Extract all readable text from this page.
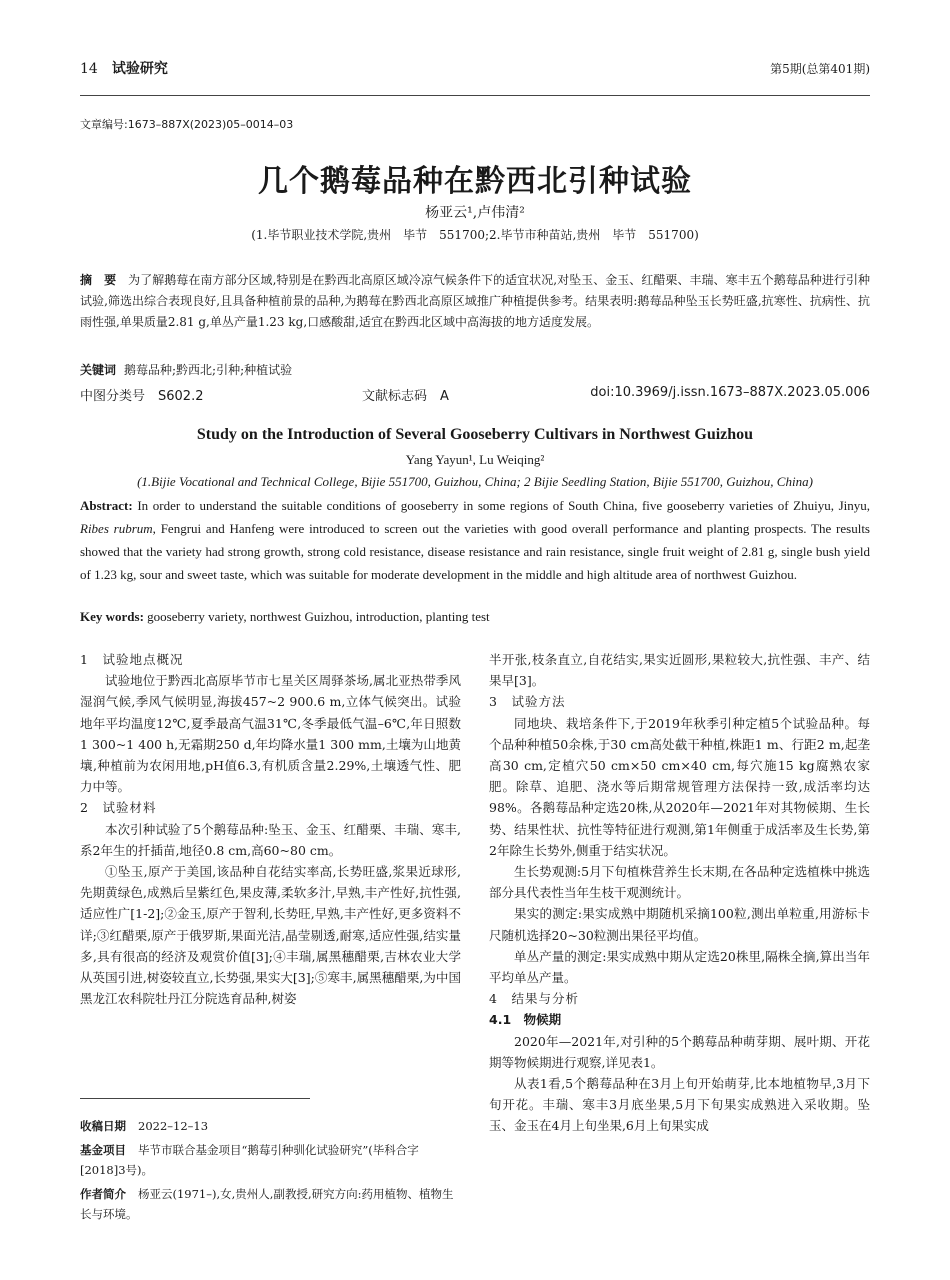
14 试验研究	第5期(总第401期)
文章编号:1673–887X(2023)05–0014–03
几个鹅莓品种在黔西北引种试验
杨亚云¹,卢伟清²
(1.毕节职业技术学院,贵州　毕节　551700;2.毕节市种苗站,贵州　毕节　551700)
摘　要　 为了解鹅莓在南方部分区域,特别是在黔西北高原区域冷凉气候条件下的适宜状况,对坠玉、金玉、红醋栗、丰瑞、寒丰五个鹅莓品种进行引种试验,筛选出综合表现良好,且具备种植前景的品种,为鹅莓在黔西北高原区域推广种植提供参考。结果表明:鹅莓品种坠玉长势旺盛,抗寒性、抗病性、抗雨性强,单果质量2.81 g,单丛产量1.23 kg,口感酸甜,适宜在黔西北区域中高海拔的地方适度发展。
关键词 鹅莓品种;黔西北;引种;种植试验
中图分类号　S602.2	文献标志码　A	doi:10.3969/j.issn.1673–887X.2023.05.006
Study on the Introduction of Several Gooseberry Cultivars in Northwest Guizhou
Yang Yayun¹, Lu Weiqing²
(1.Bijie Vocational and Technical College, Bijie 551700, Guizhou, China; 2 Bijie Seedling Station, Bijie 551700, Guizhou, China)
Abstract: In order to understand the suitable conditions of gooseberry in some regions of South China, five gooseberry varieties of Zhuiyu, Jinyu, Ribes rubrum, Fengrui and Hanfeng were introduced to screen out the varieties with good overall performance and planting prospects. The results showed that the variety had strong growth, strong cold resistance, disease resistance and rain resistance, single fruit weight of 2.81 g, single bush yield of 1.23 kg, sour and sweet taste, which was suitable for moderate development in the middle and high altitude area of northwest Guizhou.
Key words: gooseberry variety, northwest Guizhou, introduction, planting test

1　试验地点概况

试验地位于黔西北高原毕节市七星关区周驿茶场,属北亚热带季风湿润气候,季风气候明显,海拔457~2 900.6 m,立体气候突出。试验地年平均温度12℃,夏季最高气温31℃,冬季最低气温–6℃,年日照数1 300~1 400 h,无霜期250 d,年均降水量1 300 mm,土壤为山地黄壤,种植前为农闲用地,pH值6.3,有机质含量2.29%,土壤透气性、肥力中等。

2　试验材料

本次引种试验了5个鹅莓品种:坠玉、金玉、红醋栗、丰瑞、寒丰,系2年生的扦插苗,地径0.8 cm,高60~80 cm。

①坠玉,原产于美国,该品种自花结实率高,长势旺盛,浆果近球形,先期黄绿色,成熟后呈紫红色,果皮薄,柔软多汁,早熟,丰产性好,抗性强,适应性广[1-2];②金玉,原产于智利,长势旺,早熟,丰产性好,更多资料不详;③红醋栗,原产于俄罗斯,果面光洁,晶莹剔透,耐寒,适应性强,结实量多,具有很高的经济及观赏价值[3];④丰瑞,属黑穗醋栗,吉林农业大学从英国引进,树姿较直立,长势强,果实大[3];⑤寒丰,属黑穗醋栗,为中国黑龙江农科院牡丹江分院选育品种,树姿

半开张,枝条直立,自花结实,果实近圆形,果粒较大,抗性强、丰产、结果早[3]。

3　试验方法

同地块、栽培条件下,于2019年秋季引种定植5个试验品种。每个品种种植50余株,于30 cm高处截干种植,株距1 m、行距2 m,起垄高30 cm,定植穴50 cm×50 cm×40 cm,每穴施15 kg腐熟农家肥。除草、追肥、浇水等后期常规管理方法保持一致,成活率均达98%。各鹅莓品种定选20株,从2020年—2021年对其物候期、生长势、结果性状、抗性等特征进行观测,第1年侧重于成活率及生长势,第2年除生长势外,侧重于结实状况。

生长势观测:5月下旬植株营养生长末期,在各品种定选植株中挑选部分具代表性当年生枝干观测统计。

果实的测定:果实成熟中期随机采摘100粒,测出单粒重,用游标卡尺随机选择20~30粒测出果径平均值。

单丛产量的测定:果实成熟中期从定选20株里,隔株全摘,算出当年平均单丛产量。

4　结果与分析

4.1　物候期

2020年—2021年,对引种的5个鹅莓品种萌芽期、展叶期、开花期等物候期进行观察,详见表1。

从表1看,5个鹅莓品种在3月上旬开始萌芽,比本地植物早,3月下旬开花。丰瑞、寒丰3月底坐果,5月下旬果实成熟进入采收期。坠玉、金玉在4月上旬坐果,6月上旬果实成

收稿日期 2022–12–13

基金项目 毕节市联合基金项目“鹅莓引种驯化试验研究”(毕科合字[2018]3号)。

作者简介 杨亚云(1971–),女,贵州人,副教授,研究方向:药用植物、植物生长与环境。
